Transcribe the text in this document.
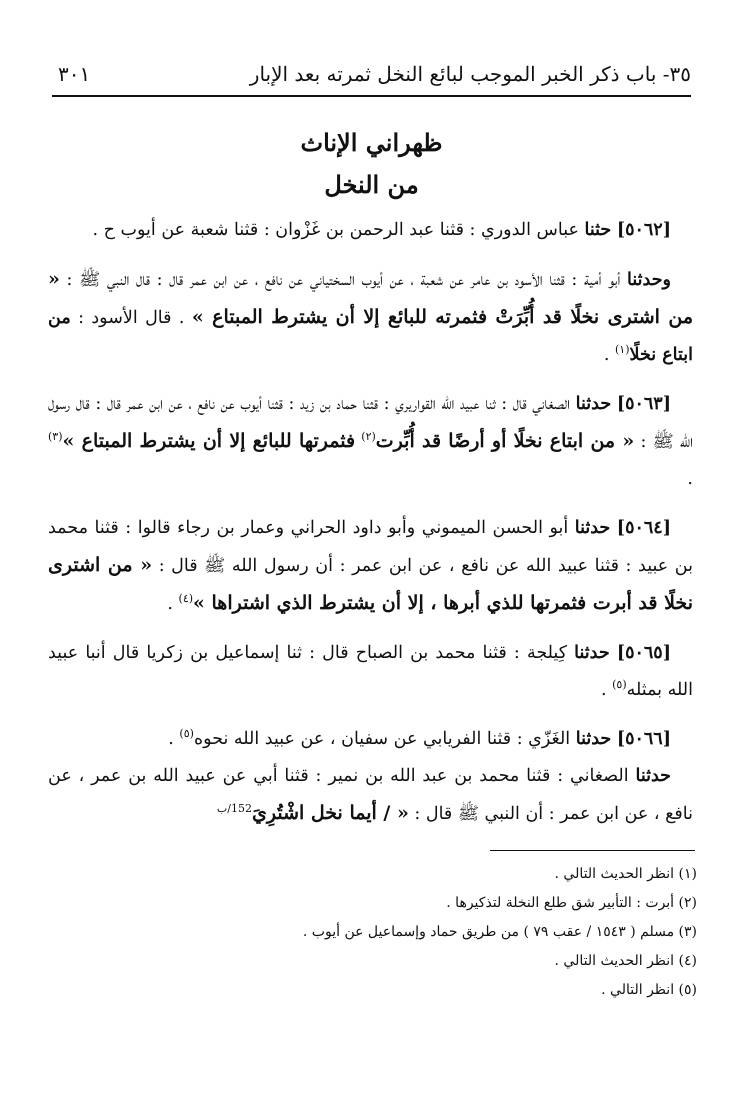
٣٥- باب ذكر الخبر الموجب لبائع النخل ثمرته بعد الإبار
٣٠١
ظهراني الإناث
من النخل

[٥٠٦٢] حثنا عباس الدوري : قثنا عبد الرحمن بن غَزْوان : قثنا شعبة عن أيوب ح .

وحدثنا أبو أمية : قثنا الأسود بن عامر عن شعبة ، عن أيوب السختياني عن نافع ، عن ابن عمر قال : قال النبي ﷺ : « من اشترى نخلًا قد أُبِّرَتْ فثمرته للبائع إلا أن يشترط المبتاع » . قال الأسود : من ابتاع نخلًا$^{(١)}$ .

[٥٠٦٣] حدثنا الصغاني قال : ثنا عبيد الله القواريري : قثنا حماد بن زيد : قثنا أيوب عن نافع ، عن ابن عمر قال : قال رسول الله ﷺ : « من ابتاع نخلًا أو أرضًا قد أُبِّرت$^{(٢)}$ فثمرتها للبائع إلا أن يشترط المبتاع »$^{(٣)}$ .

[٥٠٦٤] حدثنا أبو الحسن الميموني وأبو داود الحراني وعمار بن رجاء قالوا : قثنا محمد بن عبيد : قثنا عبيد الله عن نافع ، عن ابن عمر : أن رسول الله ﷺ قال : « من اشترى نخلًا قد أبرت فثمرتها للذي أبرها ، إلا أن يشترط الذي اشتراها »$^{(٤)}$ .

[٥٠٦٥] حدثنا كِيلجة : قثنا محمد بن الصباح قال : ثنا إسماعيل بن زكريا قال أنبا عبيد الله بمثله$^{(٥)}$ .

[٥٠٦٦] حدثنا الغَزّي : قثنا الفريابي عن سفيان ، عن عبيد الله نحوه$^{(٥)}$ .

حدثنا الصغاني : قثنا محمد بن عبد الله بن نمير : قثنا أبي عن عبيد الله بن عمر ، عن نافع ، عن ابن عمر : أن النبي ﷺ قال : « / أيما نخل اشْتُرِيَ$^{152/ب}$

(١) انظر الحديث التالي .

(٢) أبرت : التأبير شق طلع النخلة لتذكيرها .

(٣) مسلم ( ١٥٤٣ / عقب ٧٩ ) من طريق حماد وإسماعيل عن أيوب .

(٤) انظر الحديث التالي .

(٥) انظر التالي .
